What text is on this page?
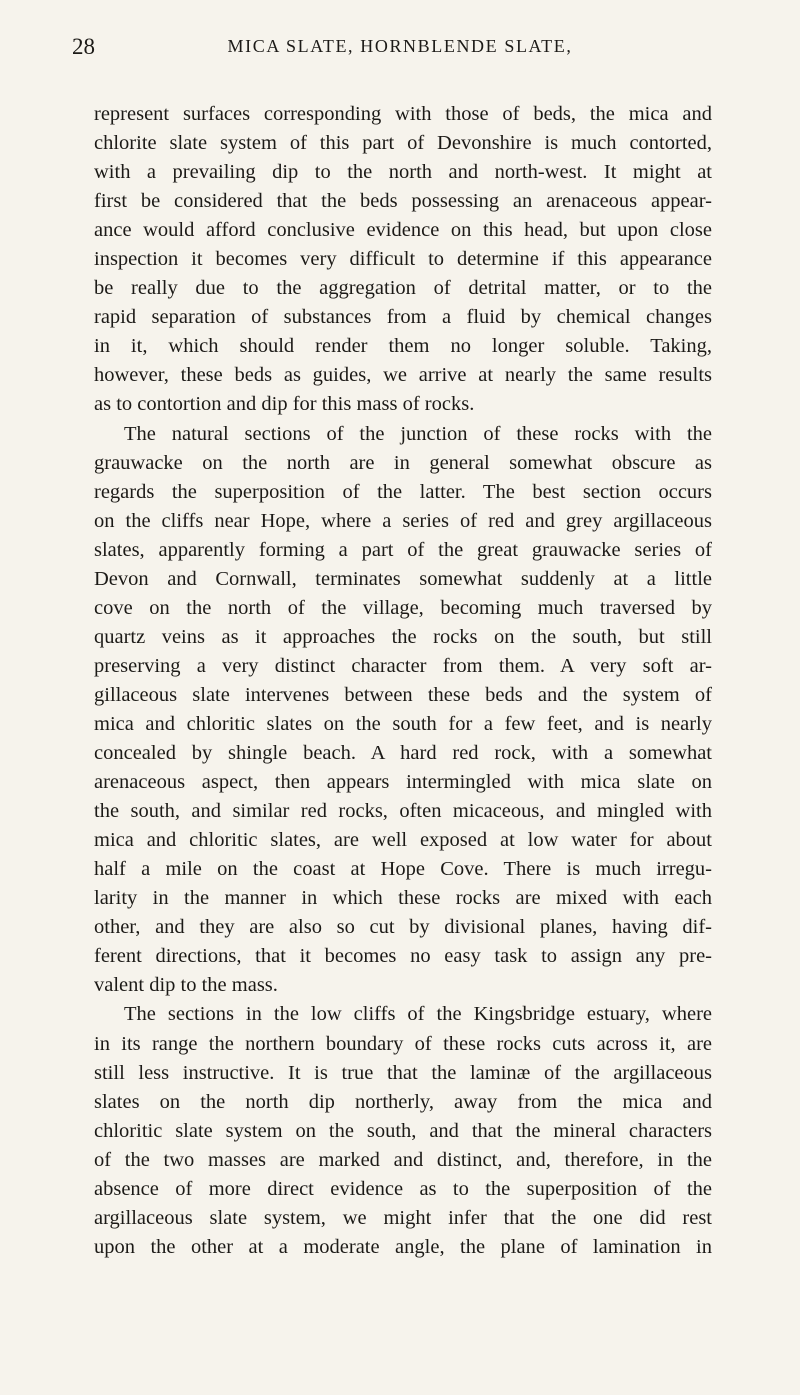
28	MICA SLATE, HORNBLENDE SLATE,
represent surfaces corresponding with those of beds, the mica and
chlorite slate system of this part of Devonshire is much contorted,
with a prevailing dip to the north and north-west. It might at
first be considered that the beds possessing an arenaceous appear-
ance would afford conclusive evidence on this head, but upon close
inspection it becomes very difficult to determine if this appearance
be really due to the aggregation of detrital matter, or to the
rapid separation of substances from a fluid by chemical changes
in it, which should render them no longer soluble. Taking,
however, these beds as guides, we arrive at nearly the same results
as to contortion and dip for this mass of rocks.
The natural sections of the junction of these rocks with the
grauwacke on the north are in general somewhat obscure as
regards the superposition of the latter. The best section occurs
on the cliffs near Hope, where a series of red and grey argillaceous
slates, apparently forming a part of the great grauwacke series of
Devon and Cornwall, terminates somewhat suddenly at a little
cove on the north of the village, becoming much traversed by
quartz veins as it approaches the rocks on the south, but still
preserving a very distinct character from them. A very soft ar-
gillaceous slate intervenes between these beds and the system of
mica and chloritic slates on the south for a few feet, and is nearly
concealed by shingle beach. A hard red rock, with a somewhat
arenaceous aspect, then appears intermingled with mica slate on
the south, and similar red rocks, often micaceous, and mingled with
mica and chloritic slates, are well exposed at low water for about
half a mile on the coast at Hope Cove. There is much irregu-
larity in the manner in which these rocks are mixed with each
other, and they are also so cut by divisional planes, having dif-
ferent directions, that it becomes no easy task to assign any pre-
valent dip to the mass.
The sections in the low cliffs of the Kingsbridge estuary, where
in its range the northern boundary of these rocks cuts across it, are
still less instructive. It is true that the laminæ of the argillaceous
slates on the north dip northerly, away from the mica and
chloritic slate system on the south, and that the mineral characters
of the two masses are marked and distinct, and, therefore, in the
absence of more direct evidence as to the superposition of the
argillaceous slate system, we might infer that the one did rest
upon the other at a moderate angle, the plane of lamination in
